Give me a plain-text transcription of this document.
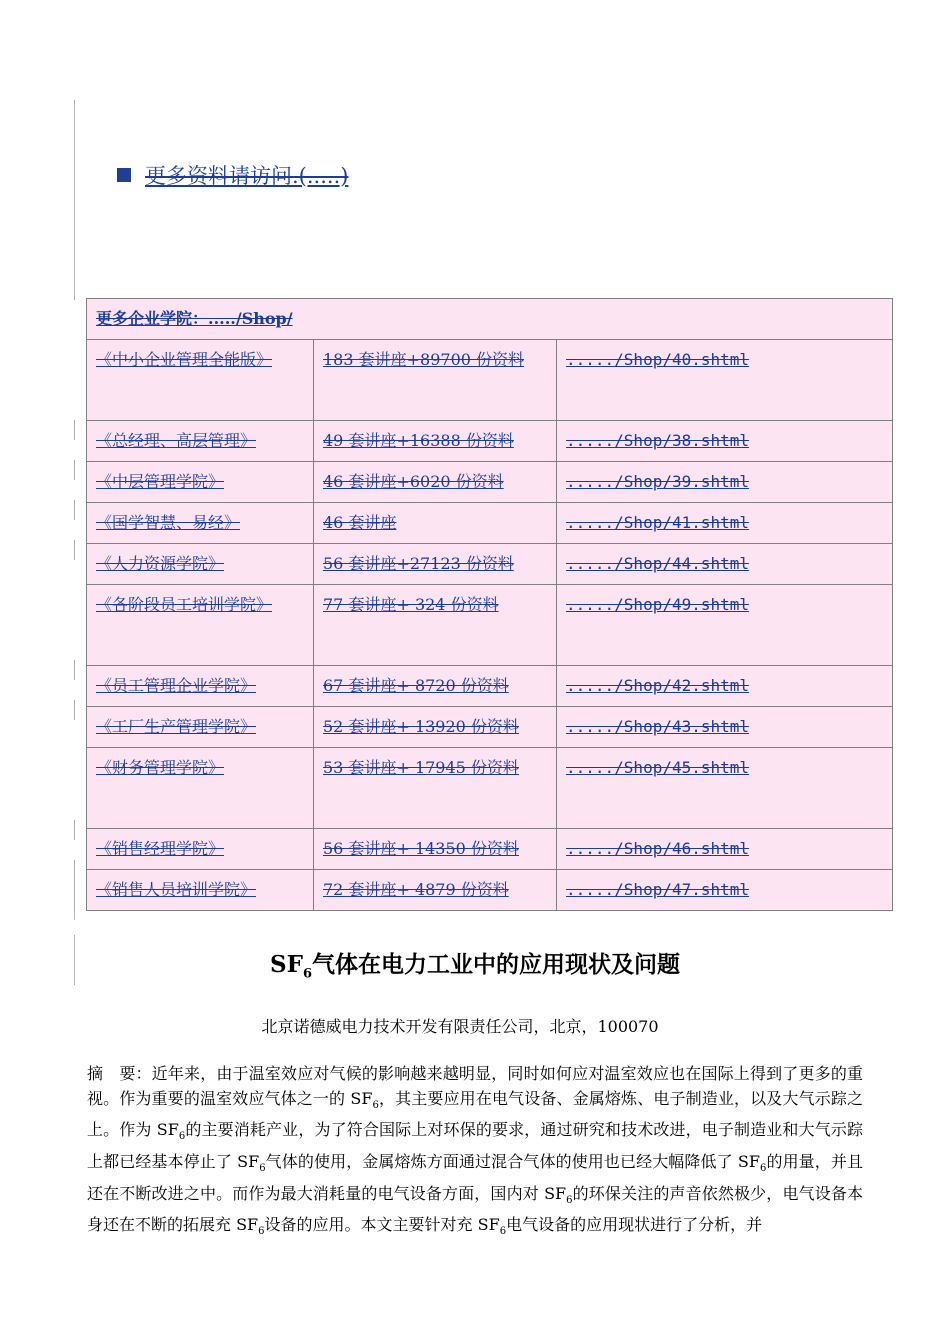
更多资料请访问.(.....)
更多企业学院：...../Shop/		
《中小企业管理全能版》	183 套讲座+89700 份资料	...../Shop/40.shtml
《总经理、高层管理》	49 套讲座+16388 份资料	...../Shop/38.shtml
《中层管理学院》	46 套讲座+6020 份资料	...../Shop/39.shtml
《国学智慧、易经》	46 套讲座	...../Shop/41.shtml
《人力资源学院》	56 套讲座+27123 份资料	...../Shop/44.shtml
《各阶段员工培训学院》	77 套讲座+ 324 份资料	...../Shop/49.shtml
《员工管理企业学院》	67 套讲座+ 8720 份资料	...../Shop/42.shtml
《工厂生产管理学院》	52 套讲座+ 13920 份资料	...../Shop/43.shtml
《财务管理学院》	53 套讲座+ 17945 份资料	...../Shop/45.shtml
《销售经理学院》	56 套讲座+ 14350 份资料	...../Shop/46.shtml
《销售人员培训学院》	72 套讲座+ 4879 份资料	...../Shop/47.shtml
$SF_6$气体在电力工业中的应用现状及问题
北京诺德威电力技术开发有限责任公司，北京，100070
摘　要：近年来，由于温室效应对气候的影响越来越明显，同时如何应对温室效应也在国际上得到了更多的重视。作为重要的温室效应气体之一的 $SF_6$，其主要应用在电气设备、金属熔炼、电子制造业，以及大气示踪之上。作为 $SF_6$的主要消耗产业，为了符合国际上对环保的要求，通过研究和技术改进，电子制造业和大气示踪上都已经基本停止了 $SF_6$气体的使用，金属熔炼方面通过混合气体的使用也已经大幅降低了 $SF_6$的用量，并且还在不断改进之中。而作为最大消耗量的电气设备方面，国内对 $SF_6$的环保关注的声音依然极少，电气设备本身还在不断的拓展充 $SF_6$设备的应用。本文主要针对充 $SF_6$电气设备的应用现状进行了分析，并
